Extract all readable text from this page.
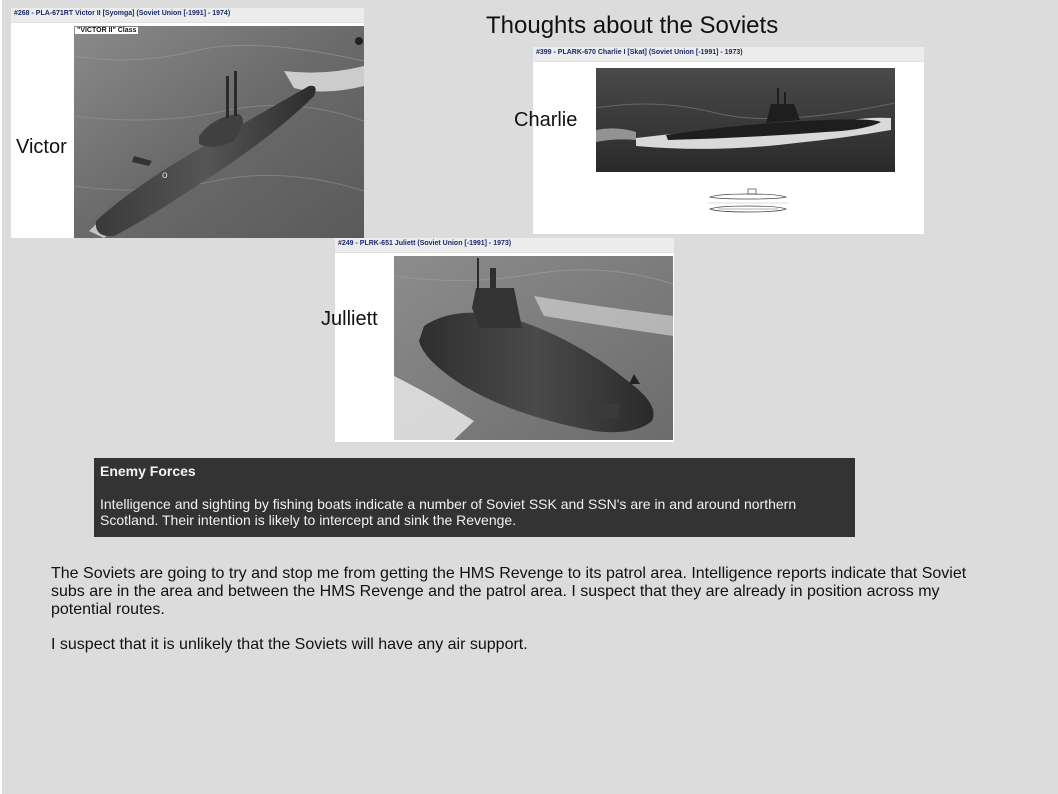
Thoughts about the Soviets
#268 - PLA-671RT Victor II [Syomga] (Soviet Union [-1991] - 1974)
o
"VICTOR II" Class
Victor
#399 - PLARK-670 Charlie I [Skat] (Soviet Union [-1991] - 1973)
Charlie
#249 - PLRK-651 Juliett (Soviet Union [-1991] - 1973)
Julliett
Enemy Forces
Intelligence and sighting by fishing boats indicate a number of Soviet SSK and SSN's are in and around northern Scotland. Their intention is likely to intercept and sink the Revenge.

The Soviets are going to try and stop me from getting the HMS Revenge to its patrol area. Intelligence reports indicate that Soviet subs are in the area and between the HMS Revenge and the patrol area. I suspect that they are already in position across my potential routes.

I suspect that it is unlikely that the Soviets will have any air support.
